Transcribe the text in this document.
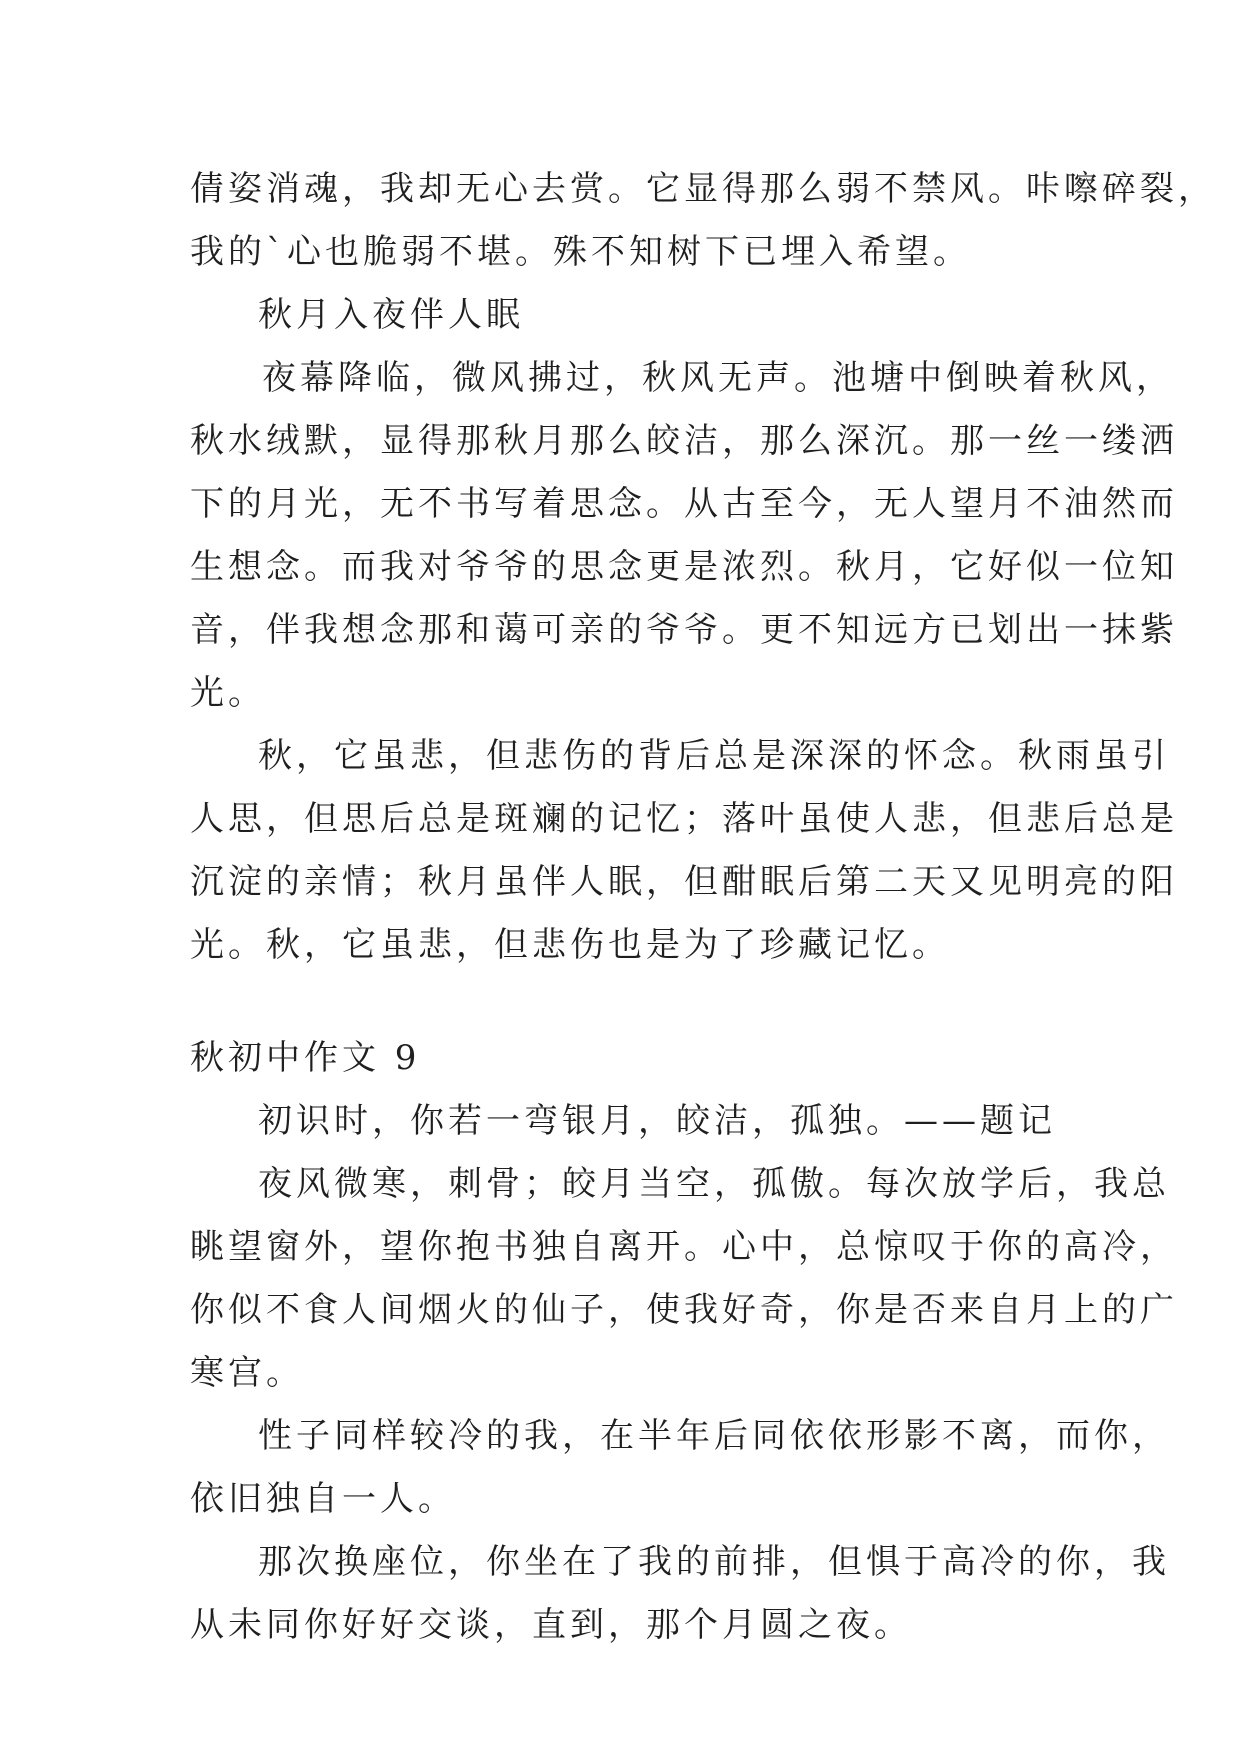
倩姿消魂，我却无心去赏。它显得那么弱不禁风。咔嚓碎裂，
我的`心也脆弱不堪。殊不知树下已埋入希望。
秋月入夜伴人眠
夜幕降临，微风拂过，秋风无声。池塘中倒映着秋风，
秋水绒默，显得那秋月那么皎洁，那么深沉。那一丝一缕洒
下的月光，无不书写着思念。从古至今，无人望月不油然而
生想念。而我对爷爷的思念更是浓烈。秋月，它好似一位知
音，伴我想念那和蔼可亲的爷爷。更不知远方已划出一抹紫
光。
秋，它虽悲，但悲伤的背后总是深深的怀念。秋雨虽引
人思，但思后总是斑斓的记忆；落叶虽使人悲，但悲后总是
沉淀的亲情；秋月虽伴人眠，但酣眠后第二天又见明亮的阳
光。秋，它虽悲，但悲伤也是为了珍藏记忆。
秋初中作文 9
初识时，你若一弯银月，皎洁，孤独。——题记
夜风微寒，刺骨；皎月当空，孤傲。每次放学后，我总
眺望窗外，望你抱书独自离开。心中，总惊叹于你的高冷，
你似不食人间烟火的仙子，使我好奇，你是否来自月上的广
寒宫。
性子同样较冷的我，在半年后同依依形影不离，而你，
依旧独自一人。
那次换座位，你坐在了我的前排，但惧于高冷的你，我
从未同你好好交谈，直到，那个月圆之夜。
